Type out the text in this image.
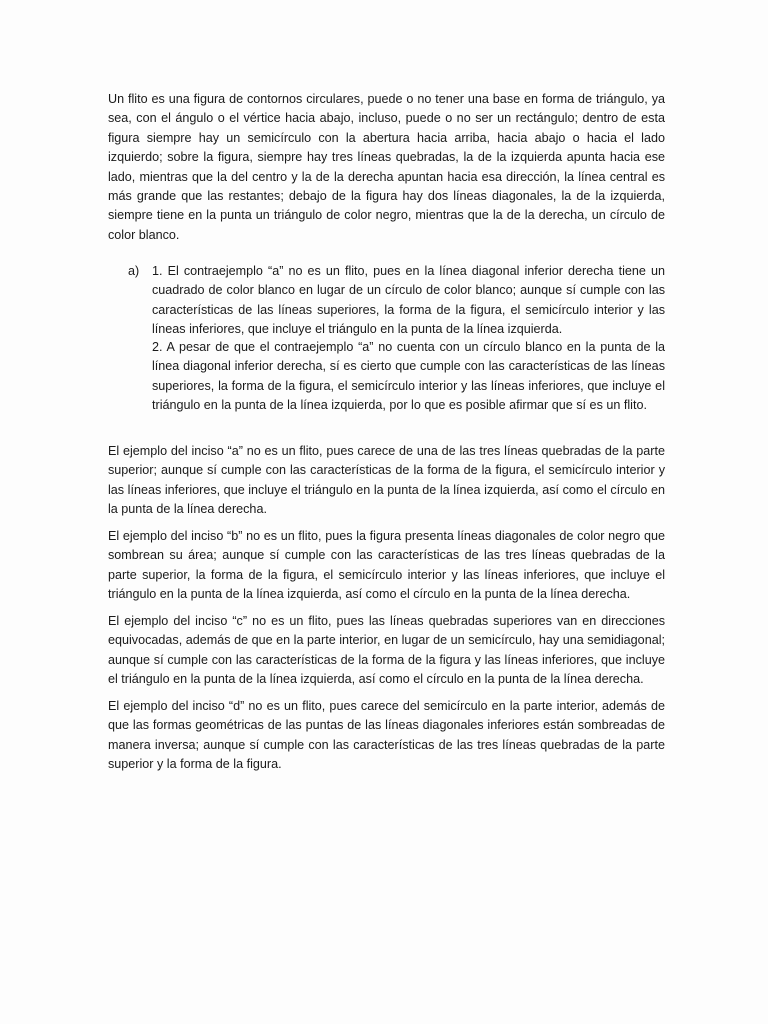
Un flito es una figura de contornos circulares, puede o no tener una base en forma de triángulo, ya sea, con el ángulo o el vértice hacia abajo, incluso, puede o no ser un rectángulo; dentro de esta figura siempre hay un semicírculo con la abertura hacia arriba, hacia abajo o hacia el lado izquierdo; sobre la figura, siempre hay tres líneas quebradas, la de la izquierda apunta hacia ese lado, mientras que la del centro y la de la derecha apuntan hacia esa dirección, la línea central es más grande que las restantes; debajo de la figura hay dos líneas diagonales, la de la izquierda, siempre tiene en la punta un triángulo de color negro, mientras que la de la derecha, un círculo de color blanco.

a) 1. El contraejemplo “a” no es un flito, pues en la línea diagonal inferior derecha tiene un cuadrado de color blanco en lugar de un círculo de color blanco; aunque sí cumple con las características de las líneas superiores, la forma de la figura, el semicírculo interior y las líneas inferiores, que incluye el triángulo en la punta de la línea izquierda.

2. A pesar de que el contraejemplo “a” no cuenta con un círculo blanco en la punta de la línea diagonal inferior derecha, sí es cierto que cumple con las características de las líneas superiores, la forma de la figura, el semicírculo interior y las líneas inferiores, que incluye el triángulo en la punta de la línea izquierda, por lo que es posible afirmar que sí es un flito.

El ejemplo del inciso “a” no es un flito, pues carece de una de las tres líneas quebradas de la parte superior; aunque sí cumple con las características de la forma de la figura, el semicírculo interior y las líneas inferiores, que incluye el triángulo en la punta de la línea izquierda, así como el círculo en la punta de la línea derecha.

El ejemplo del inciso “b” no es un flito, pues la figura presenta líneas diagonales de color negro que sombrean su área; aunque sí cumple con las características de las tres líneas quebradas de la parte superior, la forma de la figura, el semicírculo interior y las líneas inferiores, que incluye el triángulo en la punta de la línea izquierda, así como el círculo en la punta de la línea derecha.

El ejemplo del inciso “c” no es un flito, pues las líneas quebradas superiores van en direcciones equivocadas, además de que en la parte interior, en lugar de un semicírculo, hay una semidiagonal; aunque sí cumple con las características de la forma de la figura y las líneas inferiores, que incluye el triángulo en la punta de la línea izquierda, así como el círculo en la punta de la línea derecha.

El ejemplo del inciso “d” no es un flito, pues carece del semicírculo en la parte interior, además de que las formas geométricas de las puntas de las líneas diagonales inferiores están sombreadas de manera inversa; aunque sí cumple con las características de las tres líneas quebradas de la parte superior y la forma de la figura.
